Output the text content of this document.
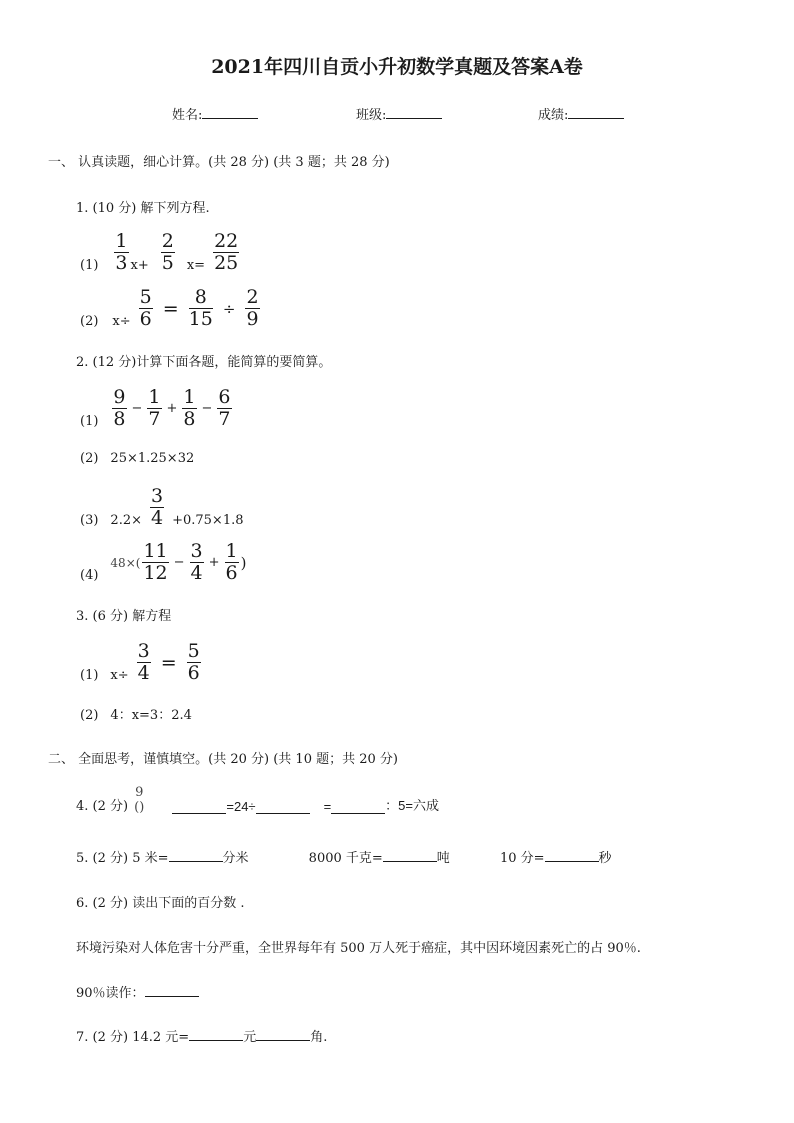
2021年四川自贡小升初数学真题及答案A卷
姓名:	班级:	成绩:
一、 认真读题，细心计算。(共 28 分) (共 3 题；共 28 分)
1. (10 分) 解下列方程.
$(1) \frac{1}{3} x+ \frac{2}{5} x= \frac{22}{25}$
(2) $x\div \frac{5}{6} = \frac{8}{15} \div \frac{2}{9}$
2. (12 分)计算下面各题，能简算的要简算。
$(1) \frac{9}{8} - \frac{1}{7} + \frac{1}{8} - \frac{6}{7}$
(2) 25×1.25×32
(3) $2.2\times \frac{3}{4} +0.75\times 1.8$
(4)
$48\times( \frac{11}{12} - \frac{3}{4} + \frac{1}{6}$ )
3. (6 分) 解方程
(1) $x\div \frac{3}{4} = \frac{5}{6}$
(2) 4：x=3：2.4
二、 全面思考，谨慎填空。(共 20 分) (共 10 题；共 20 分)
4. (2 分)
9
()	=24÷	=	：5=六成
5. (2 分) 5 米=	分米	8000 千克=	吨	10 分=	秒
6. (2 分) 读出下面的百分数 .
环境污染对人体危害十分严重，全世界每年有 500 万人死于癌症，其中因环境因素死亡的占 90％.
90％读作：
7. (2 分) 14.2 元=	元	角.
